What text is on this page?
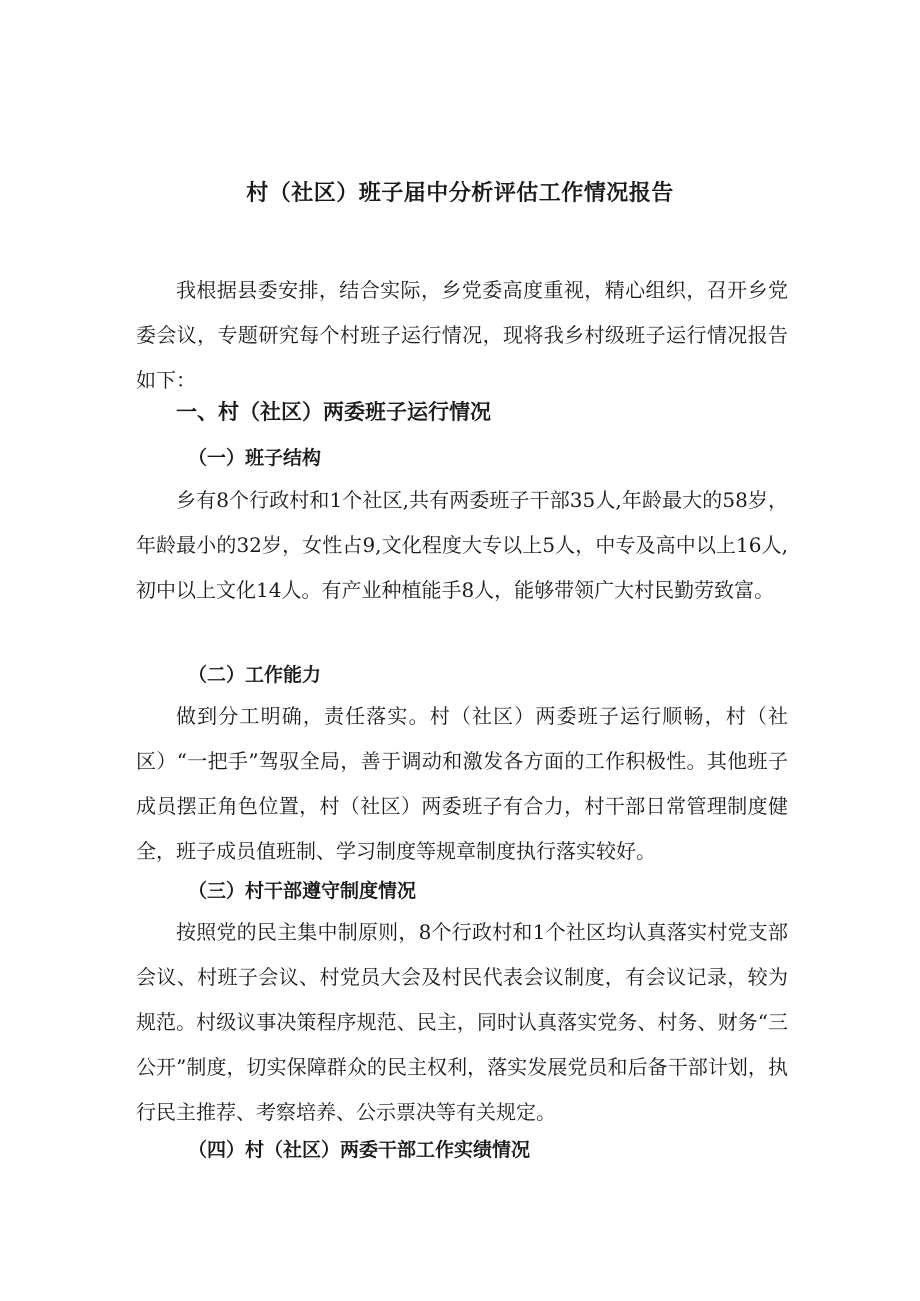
村（社区）班子届中分析评估工作情况报告

我根据县委安排，结合实际，乡党委高度重视，精心组织，召开乡党委会议，专题研究每个村班子运行情况，现将我乡村级班子运行情况报告如下：

一、村（社区）两委班子运行情况
（一）班子结构

乡有8个行政村和1个社区,共有两委班子干部35人,年龄最大的58岁，年龄最小的32岁，女性占9,文化程度大专以上5人，中专及高中以上16人,初中以上文化14人。有产业种植能手8人，能够带领广大村民勤劳致富。

（二）工作能力

做到分工明确，责任落实。村（社区）两委班子运行顺畅，村（社区）“一把手”驾驭全局，善于调动和激发各方面的工作积极性。其他班子成员摆正角色位置，村（社区）两委班子有合力，村干部日常管理制度健全，班子成员值班制、学习制度等规章制度执行落实较好。

（三）村干部遵守制度情况

按照党的民主集中制原则，8个行政村和1个社区均认真落实村党支部会议、村班子会议、村党员大会及村民代表会议制度，有会议记录，较为规范。村级议事决策程序规范、民主，同时认真落实党务、村务、财务“三公开”制度，切实保障群众的民主权利，落实发展党员和后备干部计划，执行民主推荐、考察培养、公示票决等有关规定。

（四）村（社区）两委干部工作实绩情况
